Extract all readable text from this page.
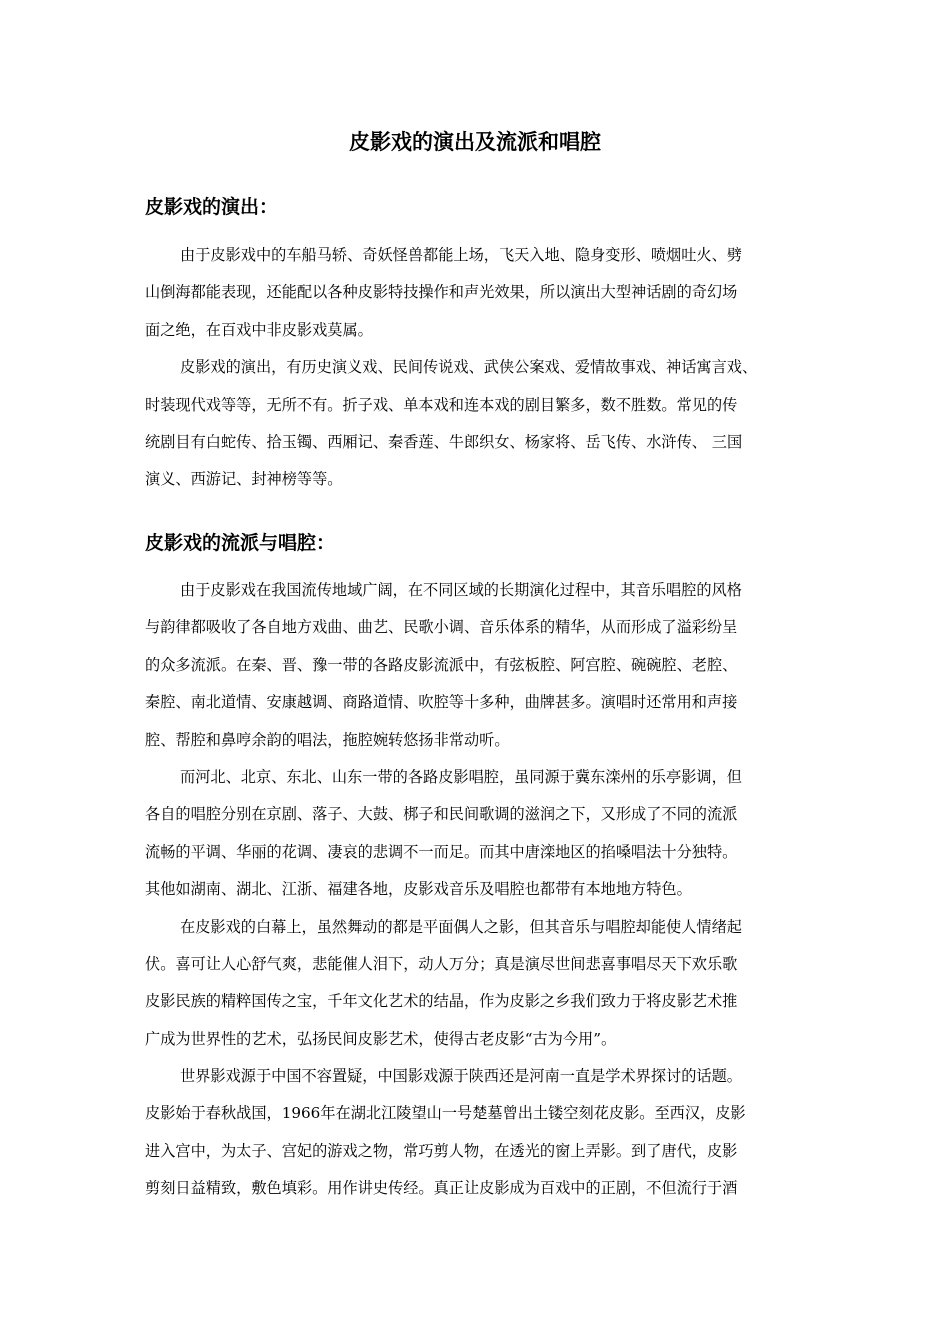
皮影戏的演出及流派和唱腔
皮影戏的演出：
由于皮影戏中的车船马轿、奇妖怪兽都能上场，飞天入地、隐身变形、喷烟吐火、劈
山倒海都能表现，还能配以各种皮影特技操作和声光效果，所以演出大型神话剧的奇幻场
面之绝，在百戏中非皮影戏莫属。
皮影戏的演出，有历史演义戏、民间传说戏、武侠公案戏、爱情故事戏、神话寓言戏、
时装现代戏等等，无所不有。折子戏、单本戏和连本戏的剧目繁多，数不胜数。常见的传
统剧目有白蛇传、拾玉镯、西厢记、秦香莲、牛郎织女、杨家将、岳飞传、水浒传、 三国
演义、西游记、封神榜等等。
皮影戏的流派与唱腔：
由于皮影戏在我国流传地域广阔，在不同区域的长期演化过程中，其音乐唱腔的风格
与韵律都吸收了各自地方戏曲、曲艺、民歌小调、音乐体系的精华，从而形成了溢彩纷呈
的众多流派。在秦、晋、豫一带的各路皮影流派中，有弦板腔、阿宫腔、碗碗腔、老腔、
秦腔、南北道情、安康越调、商路道情、吹腔等十多种，曲牌甚多。演唱时还常用和声接
腔、帮腔和鼻哼余韵的唱法，拖腔婉转悠扬非常动听。
而河北、北京、东北、山东一带的各路皮影唱腔，虽同源于冀东滦州的乐亭影调，但
各自的唱腔分别在京剧、落子、大鼓、梆子和民间歌调的滋润之下，又形成了不同的流派
流畅的平调、华丽的花调、凄哀的悲调不一而足。而其中唐滦地区的掐嗓唱法十分独特。
其他如湖南、湖北、江浙、福建各地，皮影戏音乐及唱腔也都带有本地地方特色。
在皮影戏的白幕上，虽然舞动的都是平面偶人之影，但其音乐与唱腔却能使人情绪起
伏。喜可让人心舒气爽，悲能催人泪下，动人万分；真是演尽世间悲喜事唱尽天下欢乐歌
皮影民族的精粹国传之宝，千年文化艺术的结晶，作为皮影之乡我们致力于将皮影艺术推
广成为世界性的艺术，弘扬民间皮影艺术，使得古老皮影“古为今用”。
世界影戏源于中国不容置疑，中国影戏源于陕西还是河南一直是学术界探讨的话题。
皮影始于春秋战国，1966年在湖北江陵望山一号楚墓曾出土镂空刻花皮影。至西汉，皮影
进入宫中，为太子、宫妃的游戏之物，常巧剪人物，在透光的窗上弄影。到了唐代，皮影
剪刻日益精致，敷色填彩。用作讲史传经。真正让皮影成为百戏中的正剧，不但流行于酒
